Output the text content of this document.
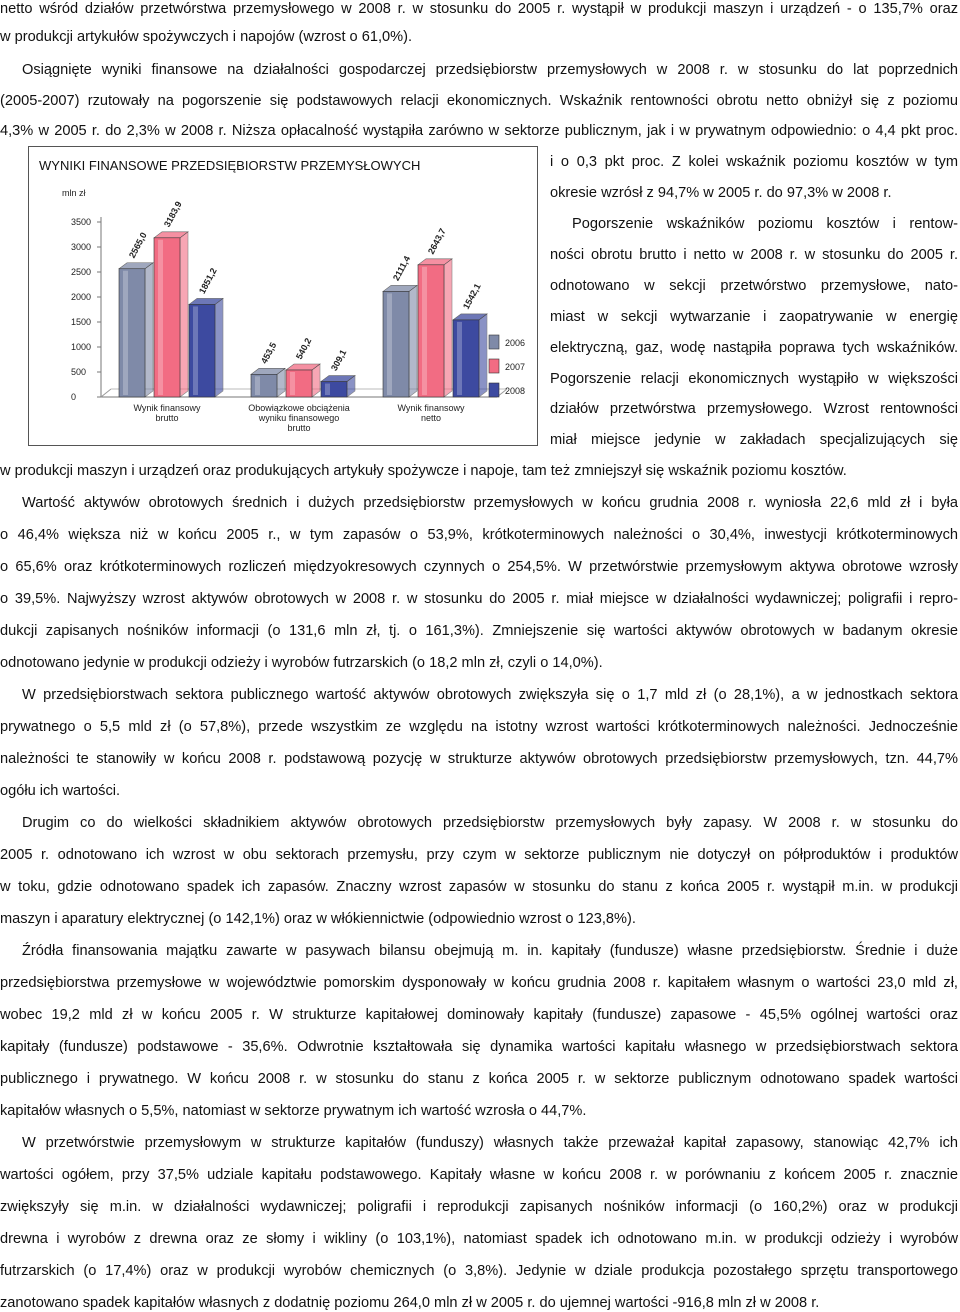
netto wśród działów przetwórstwa przemysłowego w 2008 r. w stosunku do 2005 r. wystąpił w produkcji maszyn i urządzeń - o 135,7% oraz
w produkcji artykułów spożywczych i napojów (wzrost o 61,0%).
Osiągnięte wyniki finansowe na działalności gospodarczej przedsiębiorstw przemysłowych w 2008 r. w stosunku do lat poprzednich
(2005-2007) rzutowały na pogorszenie się podstawowych relacji ekonomicznych. Wskaźnik rentowności obrotu netto obniżył się z poziomu
4,3% w 2005 r. do 2,3% w 2008 r. Niższa opłacalność wystąpiła zarówno w sektorze publicznym, jak i w prywatnym odpowiednio: o 4,4 pkt proc.
i o 0,3 pkt proc. Z kolei wskaźnik poziomu kosztów w tym
okresie wzrósł z 94,7% w 2005 r. do 97,3% w 2008 r.
Pogorszenie wskaźników poziomu kosztów i rentow-
ności obrotu brutto i netto w 2008 r. w stosunku do 2005 r.
odnotowano w sekcji przetwórstwo przemysłowe, nato-
miast w sekcji wytwarzanie i zaopatrywanie w energię
elektryczną, gaz, wodę nastąpiła poprawa tych wskaźników.
Pogorszenie relacji ekonomicznych wystąpiło w większości
działów przetwórstwa przemysłowego. Wzrost rentowności
miał miejsce jedynie w zakładach specjalizujących się
w produkcji maszyn i urządzeń oraz produkujących artykuły spożywcze i napoje, tam też zmniejszył się wskaźnik poziomu kosztów.
Wartość aktywów obrotowych średnich i dużych przedsiębiorstw przemysłowych w końcu grudnia 2008 r. wyniosła 22,6 mld zł i była
o 46,4% większa niż w końcu 2005 r., w tym zapasów o 53,9%, krótkoterminowych należności o 30,4%, inwestycji krótkoterminowych
o 65,6% oraz krótkoterminowych rozliczeń międzyokresowych czynnych o 254,5%. W przetwórstwie przemysłowym aktywa obrotowe wzrosły
o 39,5%. Najwyższy wzrost aktywów obrotowych w 2008 r. w stosunku do 2005 r. miał miejsce w działalności wydawniczej; poligrafii i repro-
dukcji zapisanych nośników informacji (o 131,6 mln zł, tj. o 161,3%). Zmniejszenie się wartości aktywów obrotowych w badanym okresie
odnotowano jedynie w produkcji odzieży i wyrobów futrzarskich (o 18,2 mln zł, czyli o 14,0%).
W przedsiębiorstwach sektora publicznego wartość aktywów obrotowych zwiększyła się o 1,7 mld zł (o 28,1%), a w jednostkach sektora
prywatnego o 5,5 mld zł (o 57,8%), przede wszystkim ze względu na istotny wzrost wartości krótkoterminowych należności. Jednocześnie
należności te stanowiły w końcu 2008 r. podstawową pozycję w strukturze aktywów obrotowych przedsiębiorstw przemysłowych, tzn. 44,7%
ogółu ich wartości.
Drugim co do wielkości składnikiem aktywów obrotowych przedsiębiorstw przemysłowych były zapasy. W 2008 r. w stosunku do
2005 r. odnotowano ich wzrost w obu sektorach przemysłu, przy czym w sektorze publicznym nie dotyczył on półproduktów i produktów
w toku, gdzie odnotowano spadek ich zapasów. Znaczny wzrost zapasów w stosunku do stanu z końca 2005 r. wystąpił m.in. w produkcji
maszyn i aparatury elektrycznej (o 142,1%) oraz w włókiennictwie (odpowiednio wzrost o 123,8%).
Źródła finansowania majątku zawarte w pasywach bilansu obejmują m. in. kapitały (fundusze) własne przedsiębiorstw. Średnie i duże
przedsiębiorstwa przemysłowe w województwie pomorskim dysponowały w końcu grudnia 2008 r. kapitałem własnym o wartości 23,0 mld zł,
wobec 19,2 mld zł w końcu 2005 r. W strukturze kapitałowej dominowały kapitały (fundusze) zapasowe - 45,5% ogólnej wartości oraz
kapitały (fundusze) podstawowe - 35,6%. Odwrotnie kształtowała się dynamika wartości kapitału własnego w przedsiębiorstwach sektora
publicznego i prywatnego. W końcu 2008 r. w stosunku do stanu z końca 2005 r. w sektorze publicznym odnotowano spadek wartości
kapitałów własnych o 5,5%, natomiast w sektorze prywatnym ich wartość wzrosła o 44,7%.
W przetwórstwie przemysłowym w strukturze kapitałów (funduszy) własnych także przeważał kapitał zapasowy, stanowiąc 42,7% ich
wartości ogółem, przy 37,5% udziale kapitału podstawowego. Kapitały własne w końcu 2008 r. w porównaniu z końcem 2005 r. znacznie
zwiększyły się m.in. w działalności wydawniczej; poligrafii i reprodukcji zapisanych nośników informacji (o 160,2%) oraz w produkcji
drewna i wyrobów z drewna oraz ze słomy i wikliny (o 103,1%), natomiast spadek ich odnotowano m.in. w produkcji odzieży i wyrobów
futrzarskich (o 17,4%) oraz w produkcji wyrobów chemicznych (o 3,8%). Jedynie w dziale produkcja pozostałego sprzętu transportowego
zanotowano spadek kapitałów własnych z dodatnię poziomu 264,0 mln zł w 2005 r. do ujemnej wartości -916,8 mln zł w 2008 r.
WYNIKI FINANSOWE PRZEDSIĘBIORSTW PRZEMYSŁOWYCH
mln zł
0
500
1000
1500
2000
2500
3000
3500
2565,0
3183,9
1851,2
Wynik finansowy
brutto
453,5 540,2 309,1
Obowiązkowe obciążenia
wyniku finansowego
brutto
2111,4
2643,7
1542,1
Wynik finansowy
netto
2006
2007
2008
